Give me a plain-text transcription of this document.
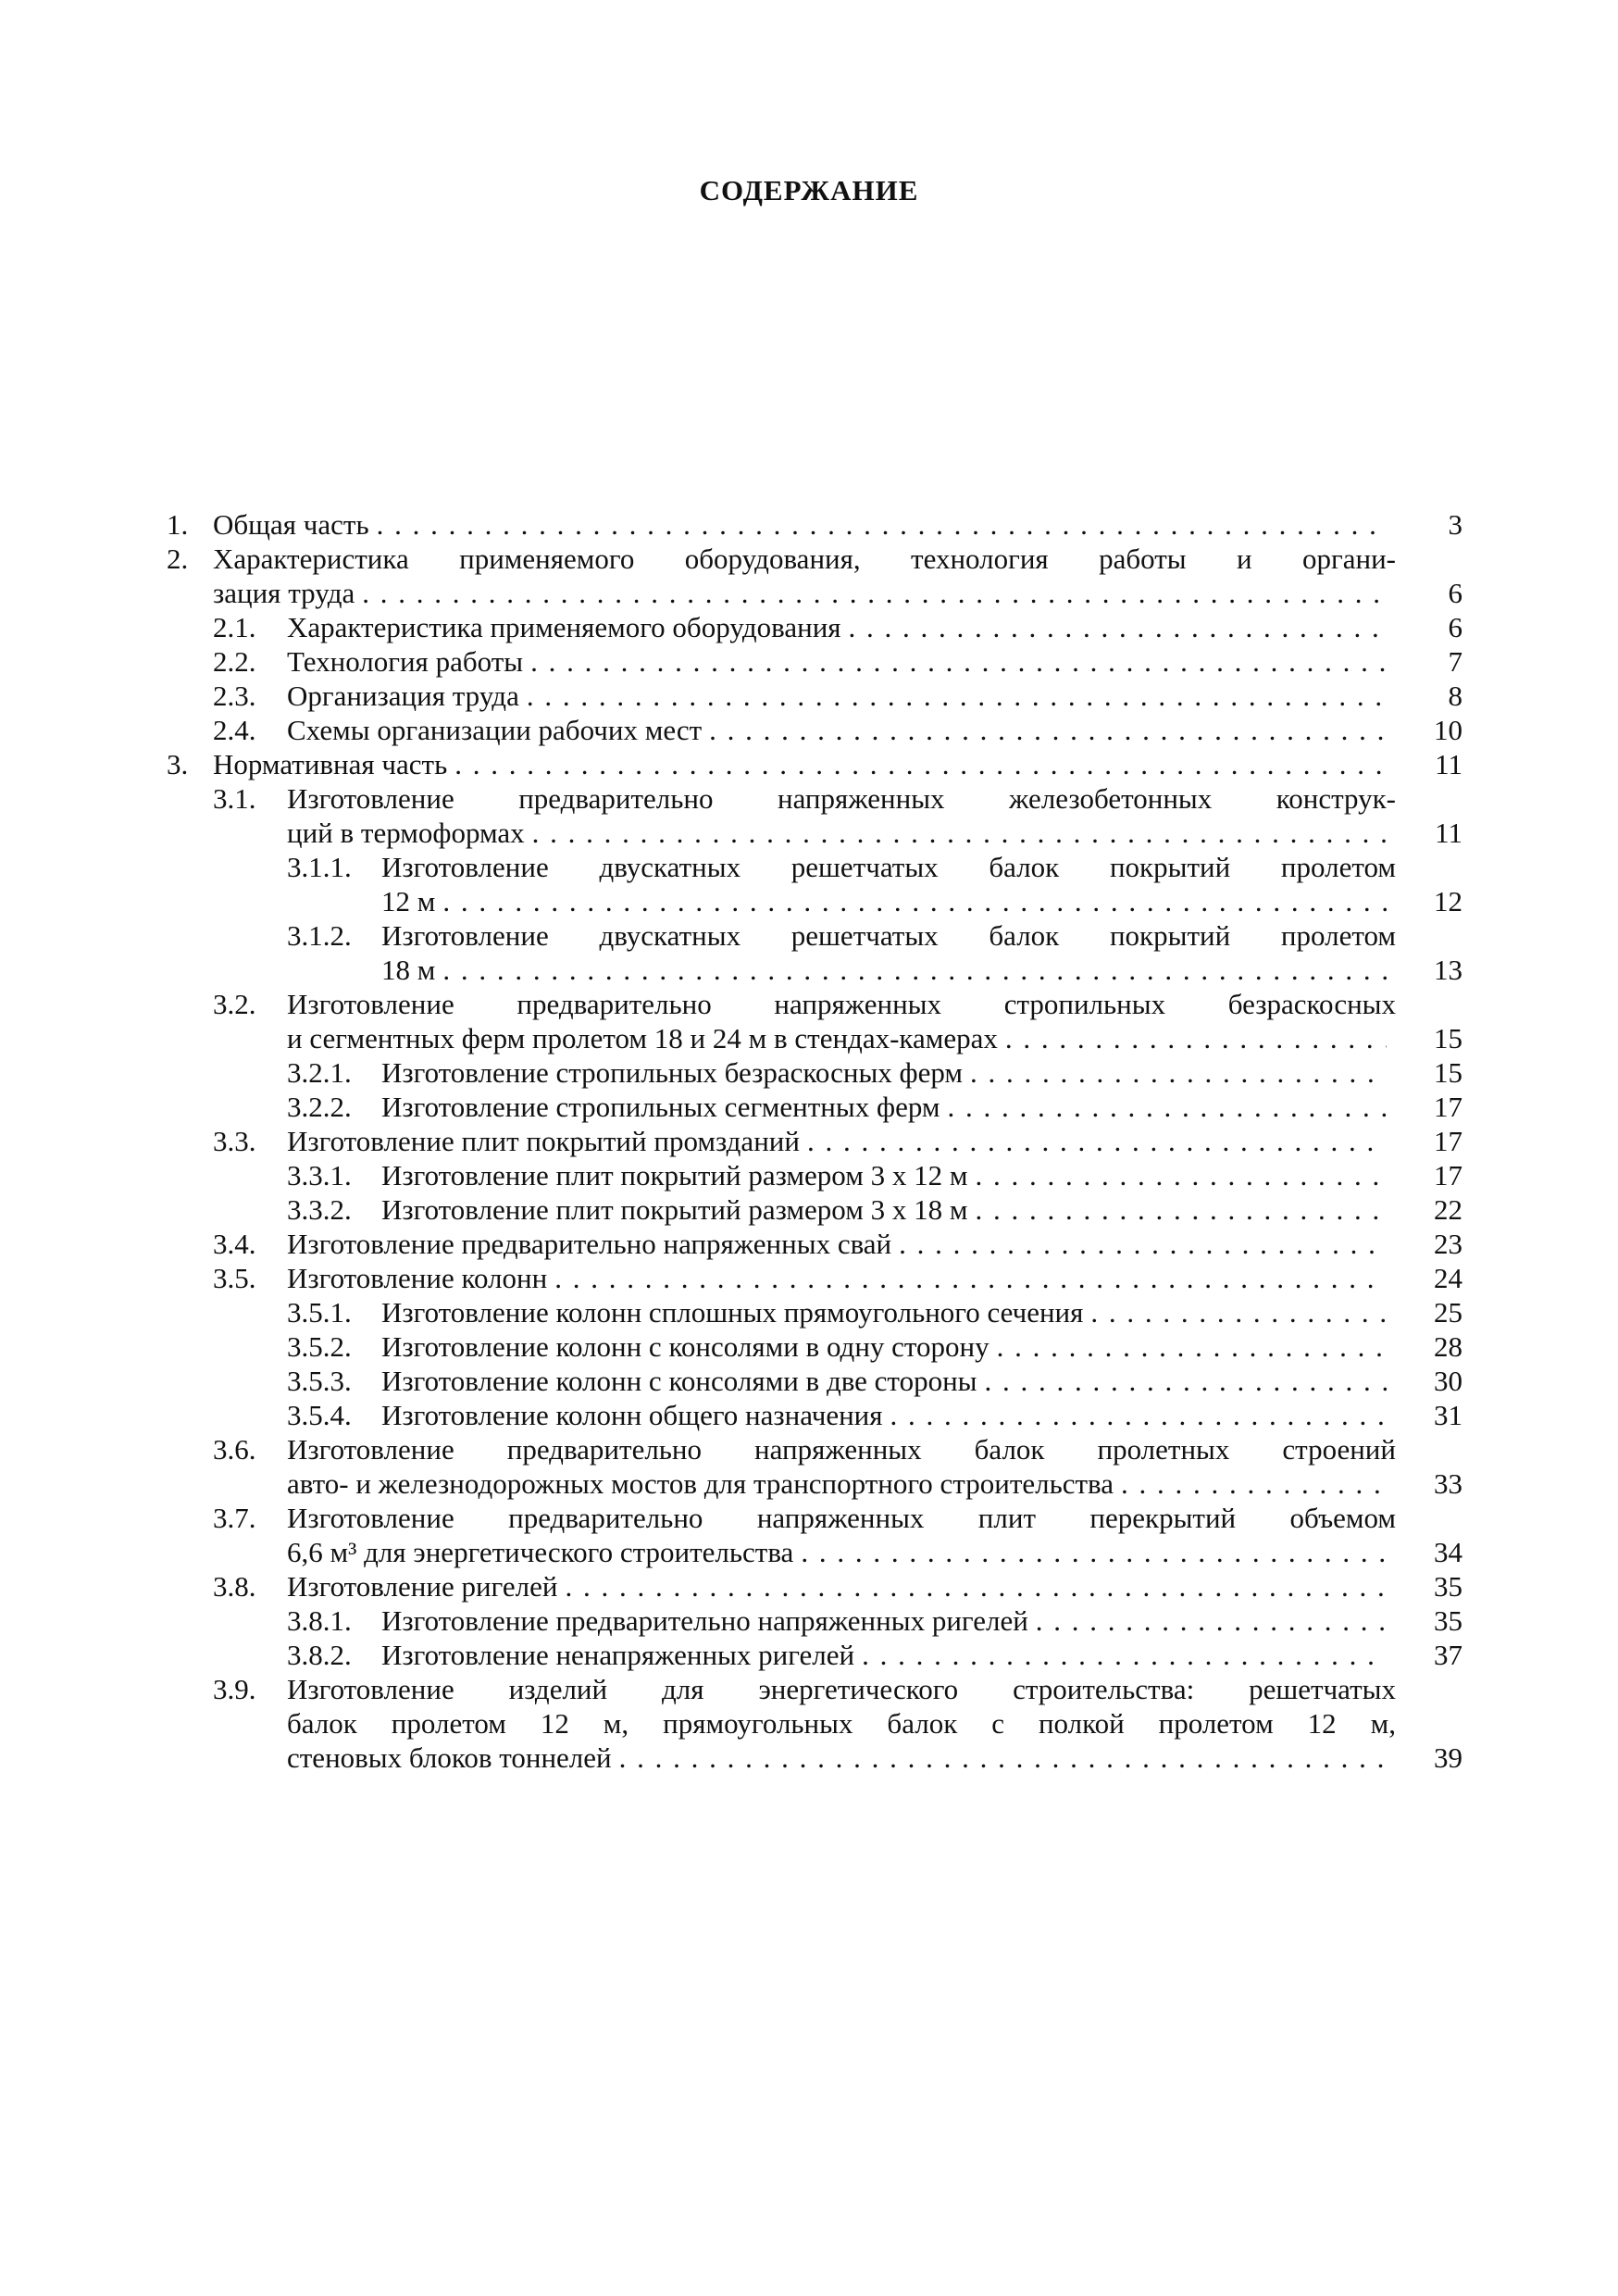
СОДЕРЖАНИЕ
1. Общая часть . . .	3
2. Характеристика применяемого оборудования, технология работы и органи-
зация труда . . .	6
2.1. Характеристика применяемого оборудования . . .	6
2.2. Технология работы . . .	7
2.3. Организация труда . . .	8
2.4. Схемы организации рабочих мест . . .	10
3. Нормативная часть . . .	11
3.1. Изготовление предварительно напряженных железобетонных конструк-
ций в термоформах . . .	11
3.1.1. Изготовление двускатных решетчатых балок покрытий пролетом
12 м . . .	12
3.1.2. Изготовление двускатных решетчатых балок покрытий пролетом
18 м . . .	13
3.2. Изготовление предварительно напряженных стропильных безраскосных
и сегментных ферм пролетом 18 и 24 м в стендах-камерах . . .	15
3.2.1. Изготовление стропильных безраскосных ферм . . .	15
3.2.2. Изготовление стропильных сегментных ферм . . .	17
3.3. Изготовление плит покрытий промзданий . . .	17
3.3.1. Изготовление плит покрытий размером 3 х 12 м . . .	17
3.3.2. Изготовление плит покрытий размером 3 х 18 м . . .	22
3.4. Изготовление предварительно напряженных свай . . .	23
3.5. Изготовление колонн . . .	24
3.5.1. Изготовление колонн сплошных прямоугольного сечения . . .	25
3.5.2. Изготовление колонн с консолями в одну сторону . . .	28
3.5.3. Изготовление колонн с консолями в две стороны . . .	30
3.5.4. Изготовление колонн общего назначения . . .	31
3.6. Изготовление предварительно напряженных балок пролетных строений
авто- и железнодорожных мостов для транспортного строительства . . .	33
3.7. Изготовление предварительно напряженных плит перекрытий объемом
6,6 м³ для энергетического строительства . . .	34
3.8. Изготовление ригелей . . .	35
3.8.1. Изготовление предварительно напряженных ригелей . . .	35
3.8.2. Изготовление ненапряженных ригелей . . .	37
3.9. Изготовление изделий для энергетического строительства: решетчатых
балок пролетом 12 м, прямоугольных балок с полкой пролетом 12 м,
стеновых блоков тоннелей . . .	39
